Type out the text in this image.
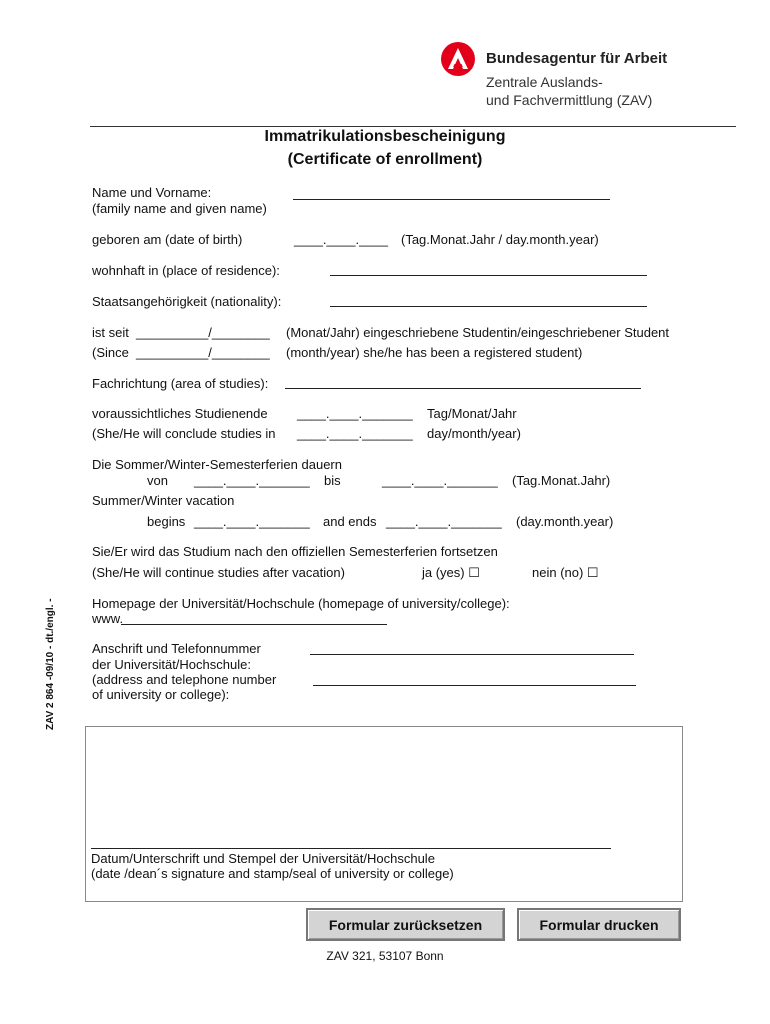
Bundesagentur für Arbeit
Zentrale Auslands-
und Fachvermittlung (ZAV)
Immatrikulationsbescheinigung
(Certificate of enrollment)
ZAV 2 864 -09/10 - dt./engl. -
Name und Vorname:
(family name and given name)
geboren am (date of birth)	____.____.____ (Tag.Monat.Jahr / day.month.year)
wohnhaft in (place of residence):
Staatsangehörigkeit (nationality):
ist seit __________/________ (Monat/Jahr) eingeschriebene Studentin/eingeschriebener Student
(Since __________/________ (month/year) she/he has been a registered student)
Fachrichtung (area of studies):
voraussichtliches Studienende ____.____._______ Tag/Monat/Jahr
(She/He will conclude studies in ____.____._______ day/month/year)
Die Sommer/Winter-Semesterferien dauern
von ____.____._______ bis	____.____._______ (Tag.Monat.Jahr)
Summer/Winter vacation
begins ____.____._______ and ends ____.____._______ (day.month.year)
Sie/Er wird das Studium nach den offiziellen Semesterferien fortsetzen
(She/He will continue studies after vacation)	ja (yes) ☐	nein (no) ☐
Homepage der Universität/Hochschule (homepage of university/college):
www.
Anschrift und Telefonnummer
der Universität/Hochschule:
(address and telephone number
of university or college):
Datum/Unterschrift und Stempel der Universität/Hochschule
(date /dean´s signature and stamp/seal of university or college)
Formular zurücksetzen	Formular drucken
ZAV 321, 53107 Bonn
